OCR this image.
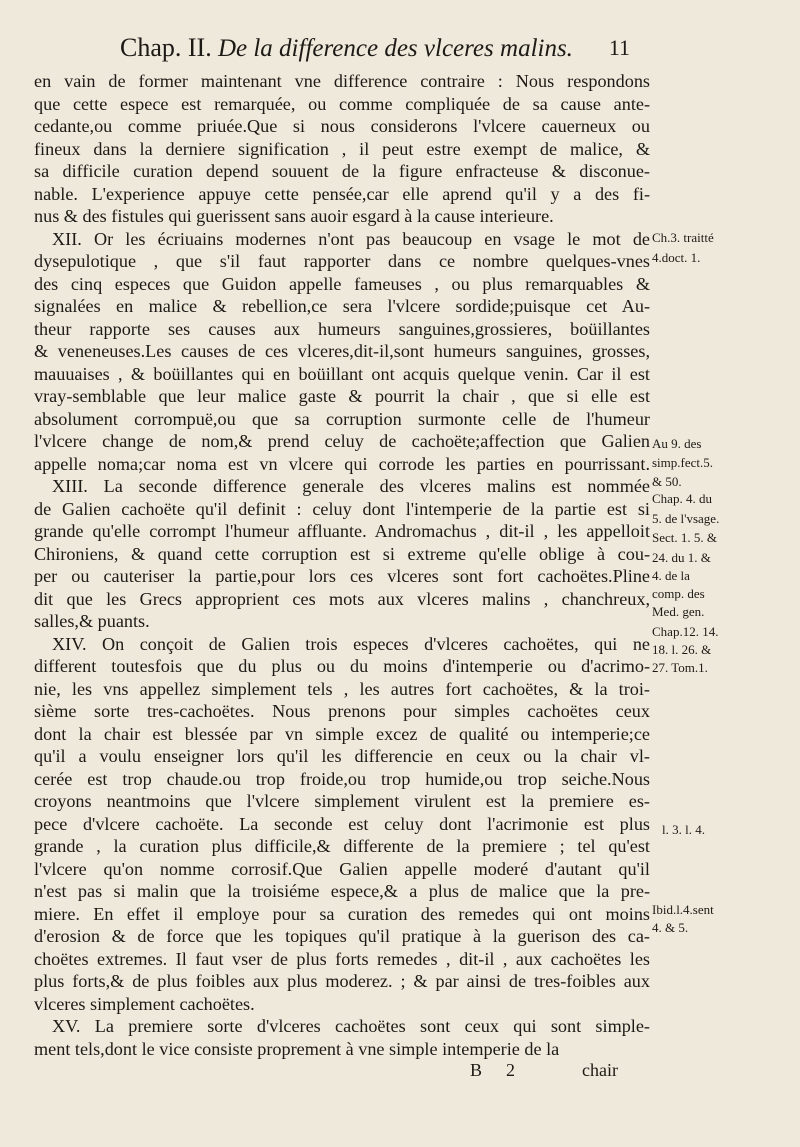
Chap. II. De la difference des vlceres malins. 11
en vain de former maintenant vne difference contraire : Nous respondons
que cette espece est remarquée, ou comme compliquée de sa cause ante-
cedante,ou comme priuée.Que si nous considerons l'vlcere cauerneux ou
fineux dans la derniere signification , il peut estre exempt de malice, &
sa difficile curation depend souuent de la figure enfracteuse & disconue-
nable. L'experience appuye cette pensée,car elle aprend qu'il y a des fi-
nus & des fistules qui guerissent sans auoir esgard à la cause interieure.
XII. Or les écriuains modernes n'ont pas beaucoup en vsage le mot de
dysepulotique , que s'il faut rapporter dans ce nombre quelques-vnes
des cinq especes que Guidon appelle fameuses , ou plus remarquables &
signalées en malice & rebellion,ce sera l'vlcere sordide;puisque cet Au-
theur rapporte ses causes aux humeurs sanguines,grossieres, boüillantes
& veneneuses.Les causes de ces vlceres,dit-il,sont humeurs sanguines, grosses,
mauuaises , & boüillantes qui en boüillant ont acquis quelque venin. Car il est
vray-semblable que leur malice gaste & pourrit la chair , que si elle est
absolument corrompuë,ou que sa corruption surmonte celle de l'humeur
l'vlcere change de nom,& prend celuy de cachoëte;affection que Galien
appelle noma;car noma est vn vlcere qui corrode les parties en pourrissant.
XIII. La seconde difference generale des vlceres malins est nommée
de Galien cachoëte qu'il definit : celuy dont l'intemperie de la partie est si
grande qu'elle corrompt l'humeur affluante. Andromachus , dit-il , les appelloit
Chironiens, & quand cette corruption est si extreme qu'elle oblige à cou-
per ou cauteriser la partie,pour lors ces vlceres sont fort cachoëtes.Pline
dit que les Grecs approprient ces mots aux vlceres malins , chanchreux,
salles,& puants.
XIV. On conçoit de Galien trois especes d'vlceres cachoëtes, qui ne
different toutesfois que du plus ou du moins d'intemperie ou d'acrimo-
nie, les vns appellez simplement tels , les autres fort cachoëtes, & la troi-
sième sorte tres-cachoëtes. Nous prenons pour simples cachoëtes ceux
dont la chair est blessée par vn simple excez de qualité ou intemperie;ce
qu'il a voulu enseigner lors qu'il les differencie en ceux ou la chair vl-
cerée est trop chaude.ou trop froide,ou trop humide,ou trop seiche.Nous
croyons neantmoins que l'vlcere simplement virulent est la premiere es-
pece d'vlcere cachoëte. La seconde est celuy dont l'acrimonie est plus
grande , la curation plus difficile,& differente de la premiere ; tel qu'est
l'vlcere qu'on nomme corrosif.Que Galien appelle moderé d'autant qu'il
n'est pas si malin que la troisiéme espece,& a plus de malice que la pre-
miere. En effet il employe pour sa curation des remedes qui ont moins
d'erosion & de force que les topiques qu'il pratique à la guerison des ca-
choëtes extremes. Il faut vser de plus forts remedes , dit-il , aux cachoëtes les
plus forts,& de plus foibles aux plus moderez. ; & par ainsi de tres-foibles aux
vlceres simplement cachoëtes.
XV. La premiere sorte d'vlceres cachoëtes sont ceux qui sont simple-
ment tels,dont le vice consiste proprement à vne simple intemperie de la
Ch.3. traitté
4.doct. 1.
Au 9. des
simp.fect.5.
& 50.
Chap. 4. du
5. de l'vsage.
Sect. 1. 5. &
24. du 1. &
4. de la
comp. des
Med. gen.
Chap.12. 14.
18. l. 26. &
27. Tom.1.
l. 3. l. 4.
Ibid.l.4.sent
4. & 5.
B 2	chair
